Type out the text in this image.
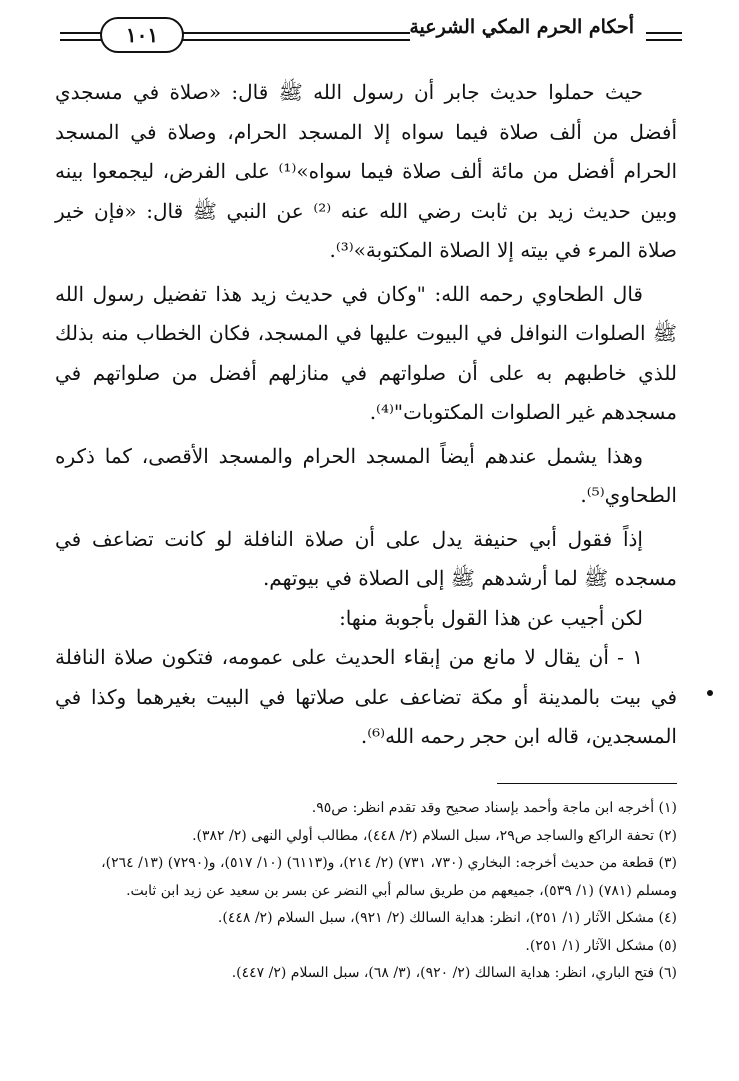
١٠١	أحكام الحرم المكي الشرعية

حيث حملوا حديث جابر أن رسول الله ﷺ قال: «صلاة في مسجدي أفضل من ألف صلاة فيما سواه إلا المسجد الحرام، وصلاة في المسجد الحرام أفضل من مائة ألف صلاة فيما سواه»⁽¹⁾ على الفرض، ليجمعوا بينه وبين حديث زيد بن ثابت رضي الله عنه ⁽²⁾ عن النبي ﷺ قال: «فإن خير صلاة المرء في بيته إلا الصلاة المكتوبة»⁽³⁾.

قال الطحاوي رحمه الله: "وكان في حديث زيد هذا تفضيل رسول الله ﷺ الصلوات النوافل في البيوت عليها في المسجد، فكان الخطاب منه بذلك للذي خاطبهم به على أن صلواتهم في منازلهم أفضل من صلواتهم في مسجدهم غير الصلوات المكتوبات"⁽⁴⁾.

وهذا يشمل عندهم أيضاً المسجد الحرام والمسجد الأقصى، كما ذكره الطحاوي⁽⁵⁾.

إذاً فقول أبي حنيفة يدل على أن صلاة النافلة لو كانت تضاعف في مسجده ﷺ لما أرشدهم ﷺ إلى الصلاة في بيوتهم.

لكن أجيب عن هذا القول بأجوبة منها:

١ - أن يقال لا مانع من إبقاء الحديث على عمومه، فتكون صلاة النافلة في بيت بالمدينة أو مكة تضاعف على صلاتها في البيت بغيرهما وكذا في المسجدين، قاله ابن حجر رحمه الله⁽⁶⁾.

(١) أخرجه ابن ماجة وأحمد بإسناد صحيح وقد تقدم انظر: ص٩٥.

(٢) تحفة الراكع والساجد ص٢٩، سبل السلام (٢/ ٤٤٨)، مطالب أولي النهى (٢/ ٣٨٢).

(٣) قطعة من حديث أخرجه: البخاري (٧٣٠، ٧٣١) (٢/ ٢١٤)، و(٦١١٣) (١٠/ ٥١٧)، و(٧٢٩٠) (١٣/ ٢٦٤)، ومسلم (٧٨١) (١/ ٥٣٩)، جميعهم من طريق سالم أبي النضر عن بسر بن سعيد عن زيد ابن ثابت.

(٤) مشكل الآثار (١/ ٢٥١)، انظر: هداية السالك (٢/ ٩٢١)، سبل السلام (٢/ ٤٤٨).

(٥) مشكل الآثار (١/ ٢٥١).

(٦) فتح الباري، انظر: هداية السالك (٢/ ٩٢٠)، (٣/ ٦٨)، سبل السلام (٢/ ٤٤٧).
